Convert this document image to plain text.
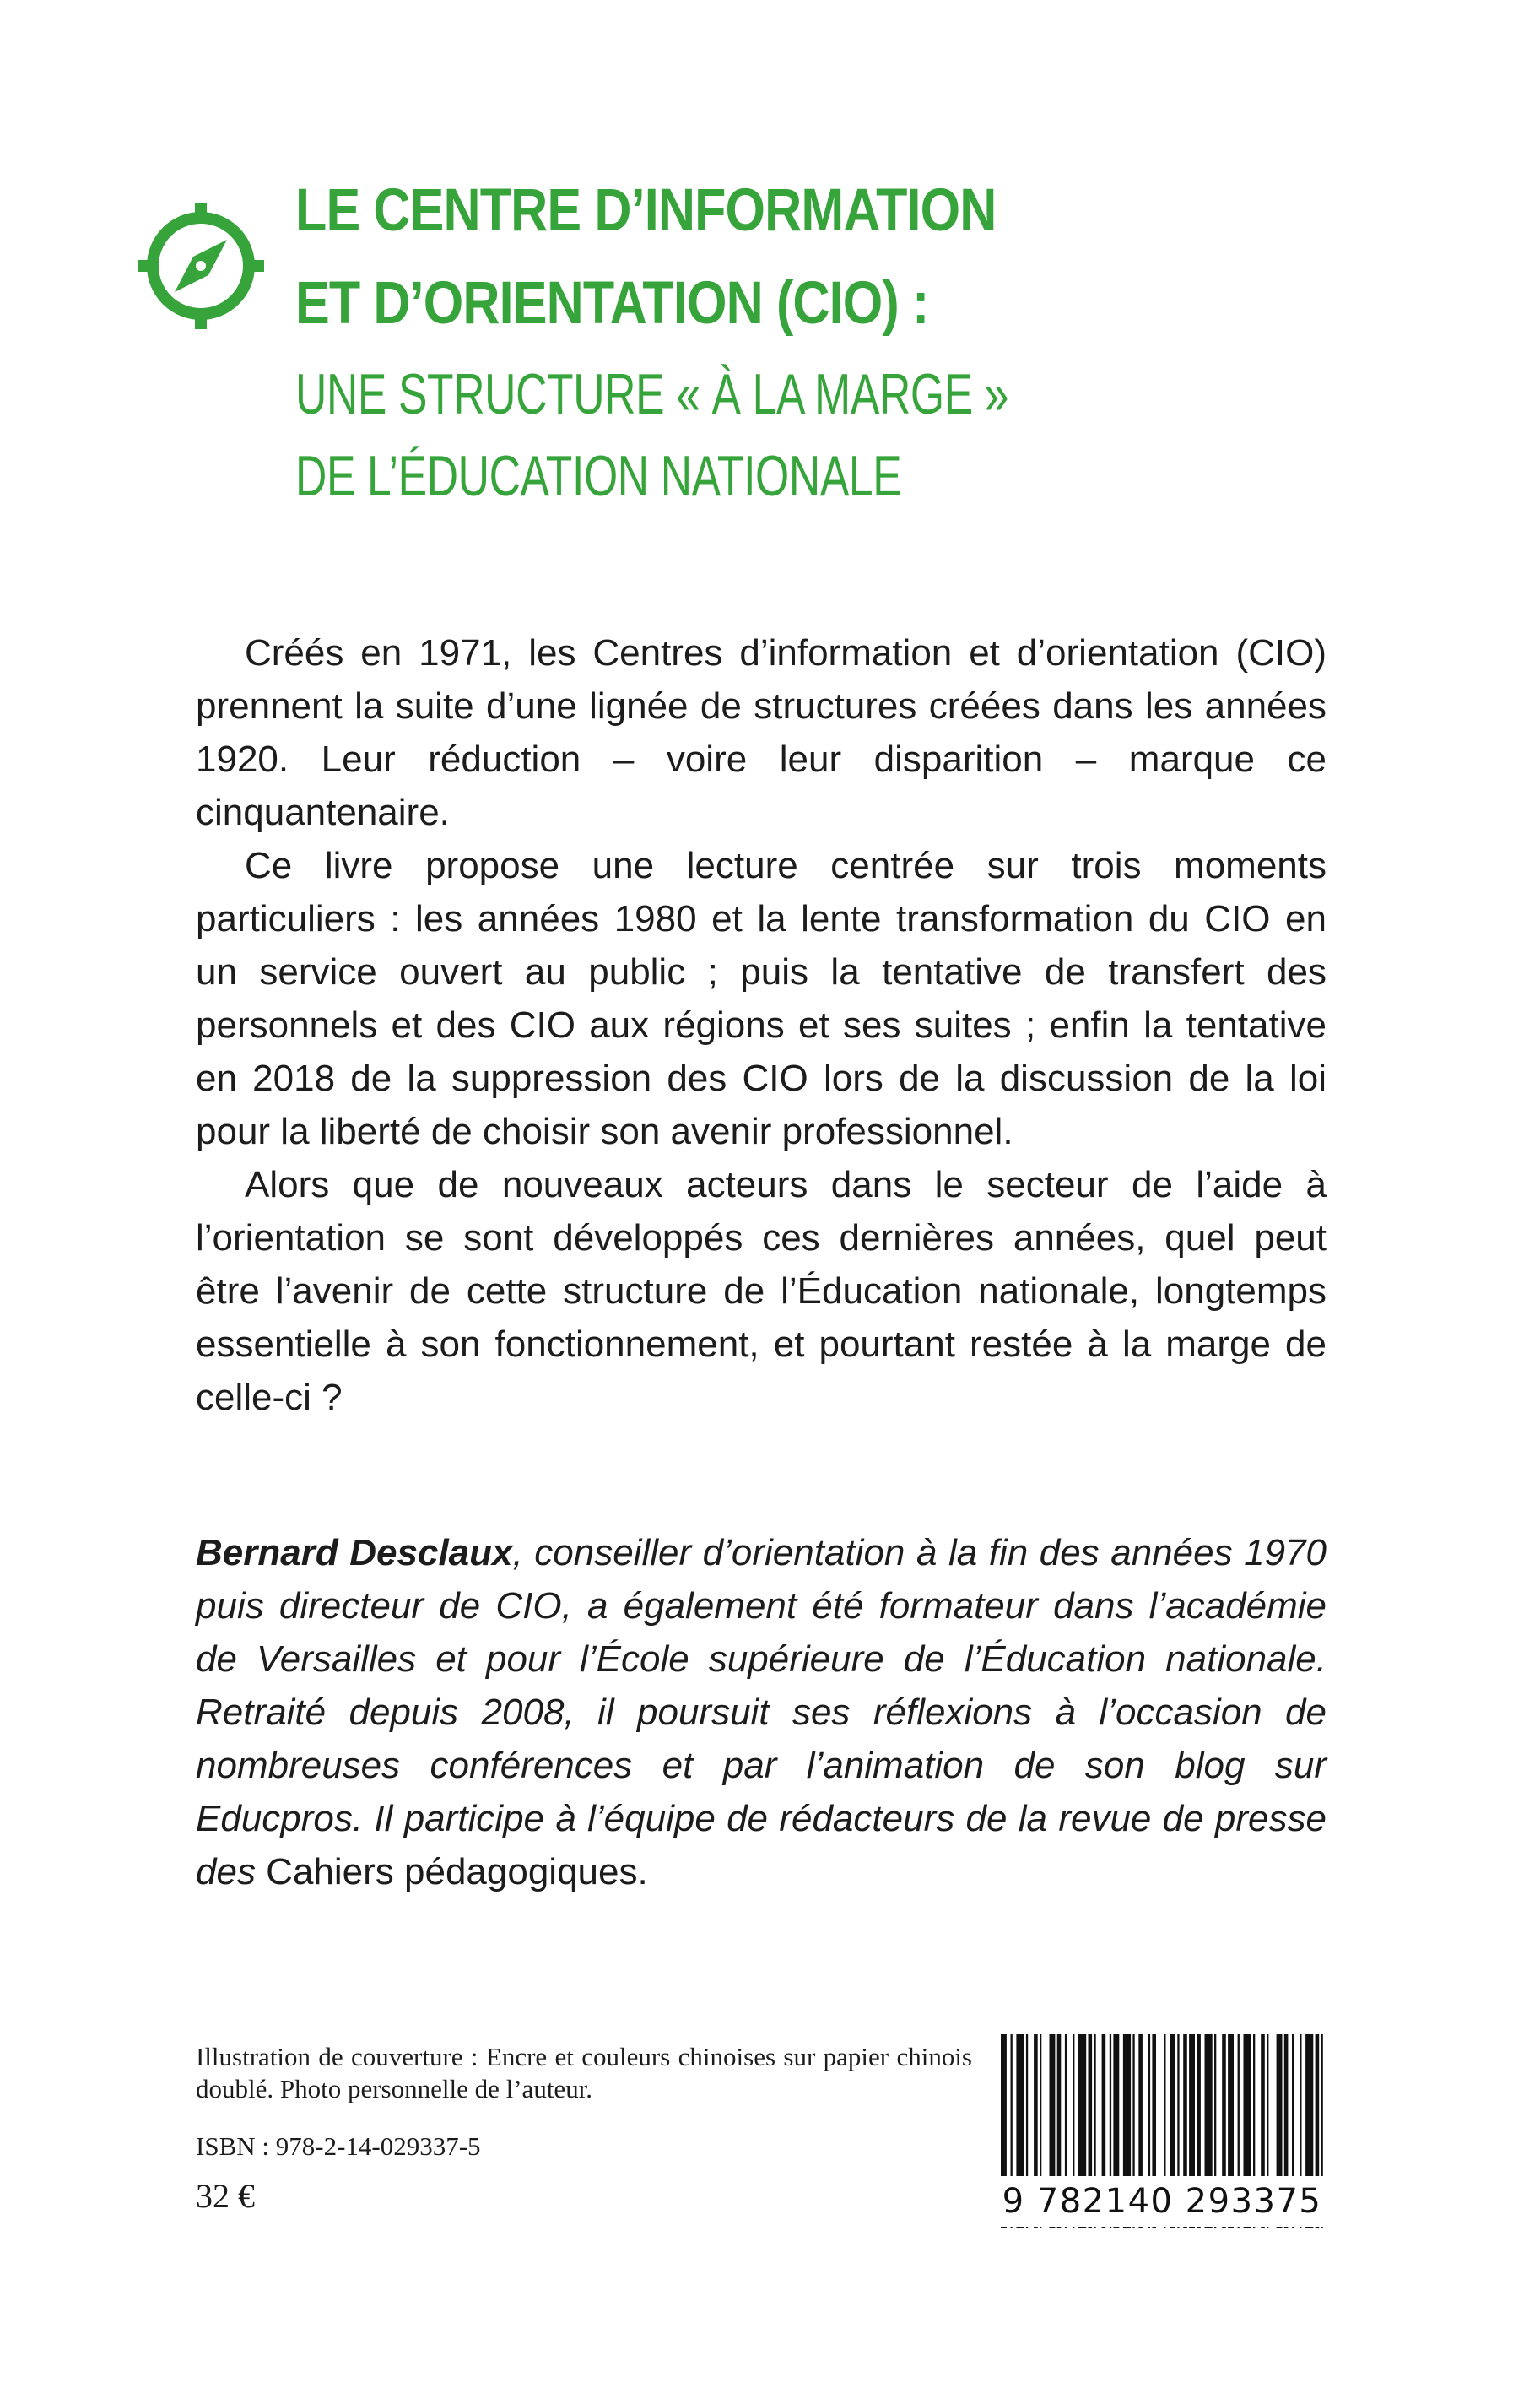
LE CENTRE D’INFORMATION
ET D’ORIENTATION (CIO) :
UNE STRUCTURE « À LA MARGE »
DE L’ÉDUCATION NATIONALE

Créés en 1971, les Centres d’information et d’orientation (CIO) prennent la suite d’une lignée de structures créées dans les années 1920. Leur réduction – voire leur disparition – marque ce cinquantenaire.

Ce livre propose une lecture centrée sur trois moments particuliers : les années 1980 et la lente transformation du CIO en un service ouvert au public ; puis la tentative de transfert des personnels et des CIO aux régions et ses suites ; enfin la tentative en 2018 de la suppression des CIO lors de la discussion de la loi pour la liberté de choisir son avenir professionnel.

Alors que de nouveaux acteurs dans le secteur de l’aide à l’orientation se sont développés ces dernières années, quel peut être l’avenir de cette structure de l’Éducation nationale, longtemps essentielle à son fonctionnement, et pourtant restée à la marge de celle-ci ?

Bernard Desclaux, conseiller d’orientation à la fin des années 1970 puis directeur de CIO, a également été formateur dans l’académie de Versailles et pour l’École supérieure de l’Éducation nationale. Retraité depuis 2008, il poursuit ses réflexions à l’occasion de nombreuses conférences et par l’animation de son blog sur Educpros. Il participe à l’équipe de rédacteurs de la revue de presse des Cahiers pédagogiques.
Illustration de couverture : Encre et couleurs chinoises sur papier chinois doublé. Photo personnelle de l’auteur.
ISBN : 978-2-14-029337-5
32 €	9 782140 293375
